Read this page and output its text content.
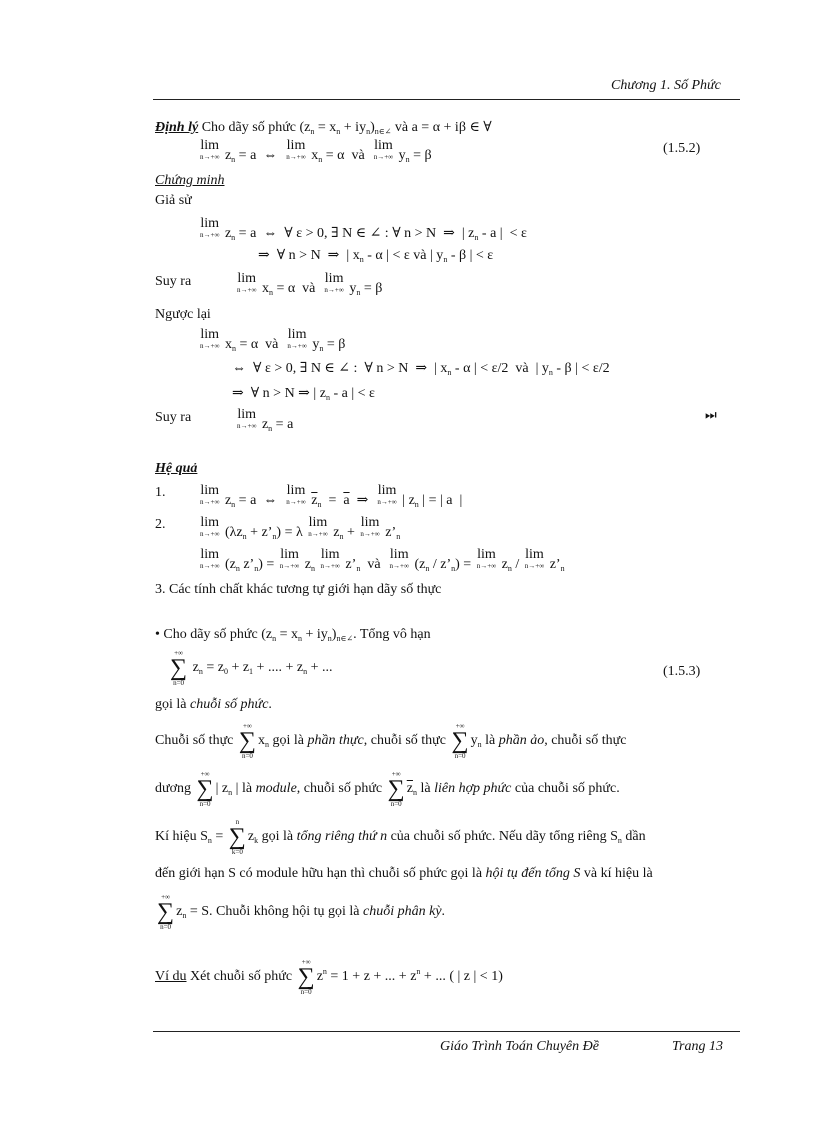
Chương 1. Số Phức
Định lý Cho dãy số phức $(z_n = x_n + iy_n)_{n\in\angle}$ và a = α + iβ ∈ ∀
lim
n→+∞ $z_n = a$  ⇔
lim
n→+∞ $x_n = \alpha$  và
lim
n→+∞ $y_n = \beta$	(1.5.2)
Chứng minh
Giả sử
lim
n→+∞ $z_n = a$  ⇔  ∀ ε > 0, ∃ N ∈ ∠ : ∀ n > N  ⇒  | $z_n$ - a |  < ε
⇒  ∀ n > N  ⇒  | $x_n$ - α | < ε và | $y_n$ - β | < ε
Suy ra	lim
n→+∞ $x_n = \alpha$  và
lim
n→+∞ $y_n = \beta$
Ngược lại
lim
n→+∞ $x_n = \alpha$  và
lim
n→+∞ $y_n = \beta$
⇔  ∀ ε > 0, ∃ N ∈ ∠ :  ∀ n > N  ⇒  | $x_n$ - α | < ε/2  và  | $y_n$ - β | < ε/2
⇒  ∀ n > N ⇒ | $z_n$ - a | < ε
Suy ra	lim
n→+∞ $z_n = a$
⏭
Hệ quả
1. lim
n→+∞ $z_n = a$  ⇔
lim
n→+∞ $\overline{z}_n = \overline{a}$  ⇒
lim
n→+∞ | $z_n$ | = | a  |
2. lim
n→+∞ ($\lambda z_n$ + $z’_n) = \lambda$
lim
n→+∞ $z_n$ +
lim
n→+∞ $z’_n$
lim
n→+∞ ($z_n$ $z’_n$) =
lim
n→+∞ $z_n$
lim
n→+∞ $z’_n$  và
lim
n→+∞ ($z_n$ / $z’_n$) =
lim
n→+∞ $z_n$ /
lim
n→+∞ $z’_n$
3. Các tính chất khác tương tự giới hạn dãy số thực
• Cho dãy số phức $(z_n = x_n + iy_n)_{n\in\angle}$. Tổng vô hạn
+∞
∑
n=0
$z_n = z_0 + z_1$ + .... + $z_n$ + ...	(1.5.3)
gọi là chuỗi số phức.
Chuỗi số thực
+∞
∑
n=0
$x_n$ gọi là phần thực, chuỗi số thực
+∞
∑
n=0
$y_n$ là phần ảo, chuỗi số thực
dương
+∞
∑
n=0
| $z_n$ | là module, chuỗi số phức
+∞
∑
n=0
$\overline{z}_n$ là liên hợp phức của chuỗi số phức.
Kí hiệu $S_n$ =
n
∑
k=0
$z_k$ gọi là tổng riêng thứ n của chuỗi số phức. Nếu dãy tổng riêng $S_n$ dần
đến giới hạn S có module hữu hạn thì chuỗi số phức gọi là hội tụ đến tổng S và kí hiệu là
+∞
∑
n=0
$z_n = S$. Chuỗi không hội tụ gọi là chuỗi phân kỳ.
Ví du Xét chuỗi số phức
+∞
∑
n=0
$z^n = 1 + z$ + ... + $z^n$ + ... ( | z | < 1)
Giáo Trình Toán Chuyên Đề	Trang 13
